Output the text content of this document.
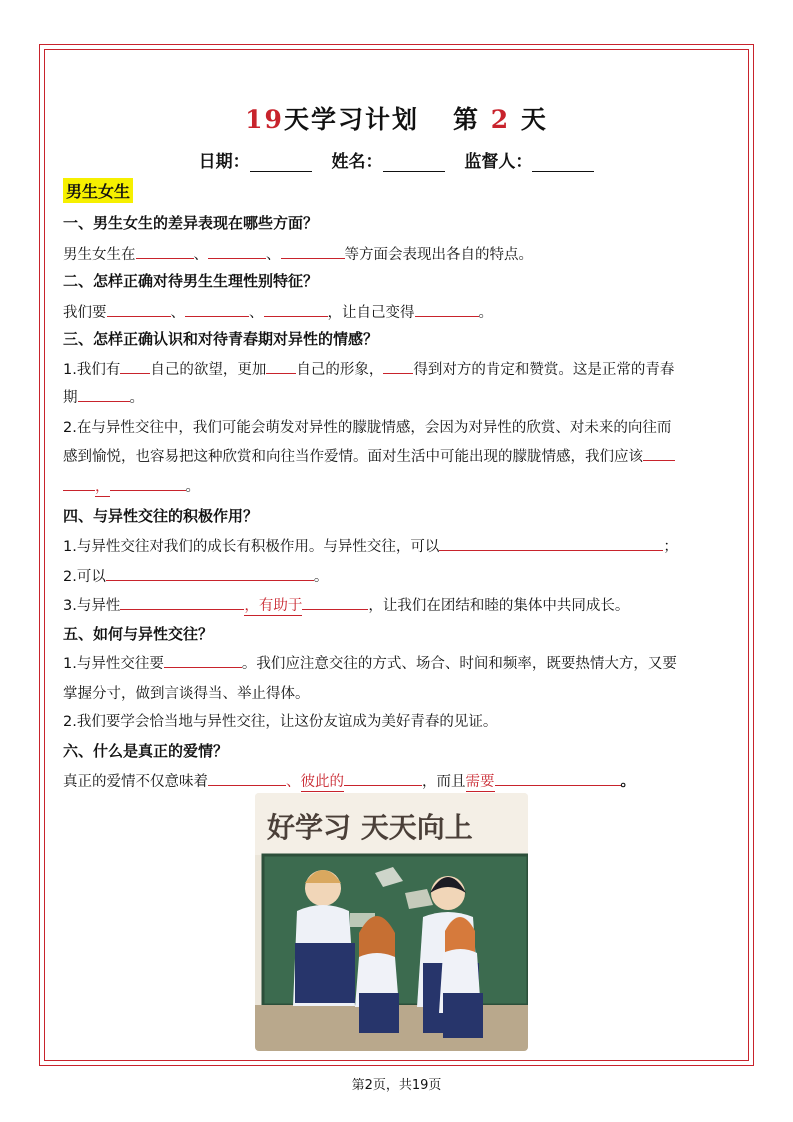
19天学习计划 第 2 天
日期：	姓名：	监督人：
男生女生
一、男生女生的差异表现在哪些方面？
男生女生在	、	、	等方面会表现出各自的特点。
二、怎样正确对待男生生理性别特征？
我们要	、	、	，让自己变得	。
三、怎样正确认识和对待青春期对异性的情感？
1.我们有 自己的欲望，更加 自己的形象， 得到对方的肯定和赞赏。这是正常的青春
期	。
2.在与异性交往中，我们可能会萌发对异性的朦胧情感，会因为对异性的欣赏、对未来的向往而
感到愉悦，也容易把这种欣赏和向往当作爱情。面对生活中可能出现的朦胧情感，我们应该
，	。
四、与异性交往的积极作用？
1.与异性交往对我们的成长有积极作用。与异性交往，可以	；
2.可以	。
3.与异性	，有助于	，让我们在团结和睦的集体中共同成长。
五、如何与异性交往？
1.与异性交往要	。我们应注意交往的方式、场合、时间和频率，既要热情大方，又要
掌握分寸，做到言谈得当、举止得体。
2.我们要学会恰当地与异性交往，让这份友谊成为美好青春的见证。
六、什么是真正的爱情？
真正的爱情不仅意味着	、彼此的	，而且需要	。
好学习 天天向上
第2页，共19页
